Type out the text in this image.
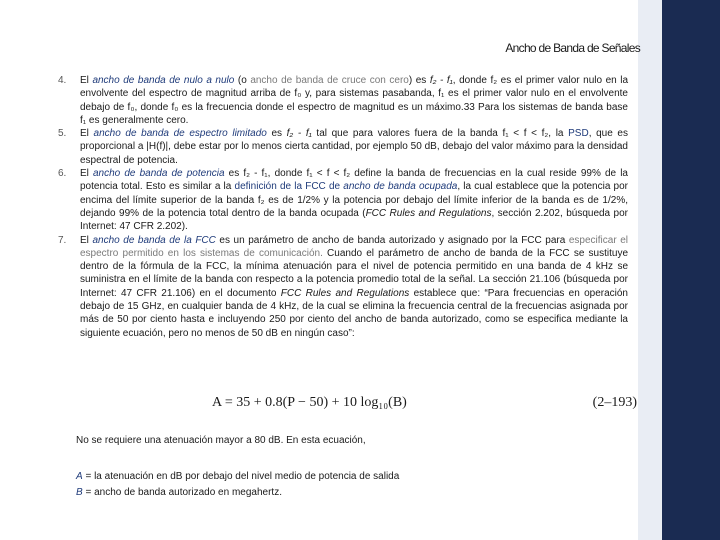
Ancho de Banda de Señales
4.	El ancho de banda de nulo a nulo (o ancho de banda de cruce con cero) es f₂ - f₁, donde f₂ es el primer valor nulo en la envolvente del espectro de magnitud arriba de f₀ y, para sistemas pasabanda, f₁ es el primer valor nulo en el envolvente debajo de f₀, donde f₀ es la frecuencia donde el espectro de magnitud es un máximo.33 Para los sistemas de banda base f₁ es generalmente cero.
5.	El ancho de banda de espectro limitado es f₂ - f₁ tal que para valores fuera de la banda f₁ < f < f₂, la PSD, que es proporcional a |H(f)|, debe estar por lo menos cierta cantidad, por ejemplo 50 dB, debajo del valor máximo para la densidad espectral de potencia.
6.	El ancho de banda de potencia es f₂ - f₁, donde f₁ < f < f₂ define la banda de frecuencias en la cual reside 99% de la potencia total. Esto es similar a la definición de la FCC de ancho de banda ocupada, la cual establece que la potencia por encima del límite superior de la banda f₂ es de 1/2% y la potencia por debajo del límite inferior de la banda es de 1/2%, dejando 99% de la potencia total dentro de la banda ocupada (FCC Rules and Regulations, sección 2.202, búsqueda por Internet: 47 CFR 2.202).
7.	El ancho de banda de la FCC es un parámetro de ancho de banda autorizado y asignado por la FCC para especificar el espectro permitido en los sistemas de comunicación. Cuando el parámetro de ancho de banda de la FCC se sustituye dentro de la fórmula de la FCC, la mínima atenuación para el nivel de potencia permitido en una banda de 4 kHz se suministra en el límite de la banda con respecto a la potencia promedio total de la señal. La sección 21.106 (búsqueda por Internet: 47 CFR 21.106) en el documento FCC Rules and Regulations establece que: “Para frecuencias en operación debajo de 15 GHz, en cualquier banda de 4 kHz, de la cual se elimina la frecuencia central de la frecuencias asignada por más de 50 por ciento hasta e incluyendo 250 por ciento del ancho de banda autorizado, como se especifica mediante la siguiente ecuación, pero no menos de 50 dB en ningún caso”:
A = 35 + 0.8(P − 50) + 10 log₁₀(B)	(2–193)
No se requiere una atenuación mayor a 80 dB. En esta ecuación,
A = la atenuación en dB por debajo del nivel medio de potencia de salida
B = ancho de banda autorizado en megahertz.
